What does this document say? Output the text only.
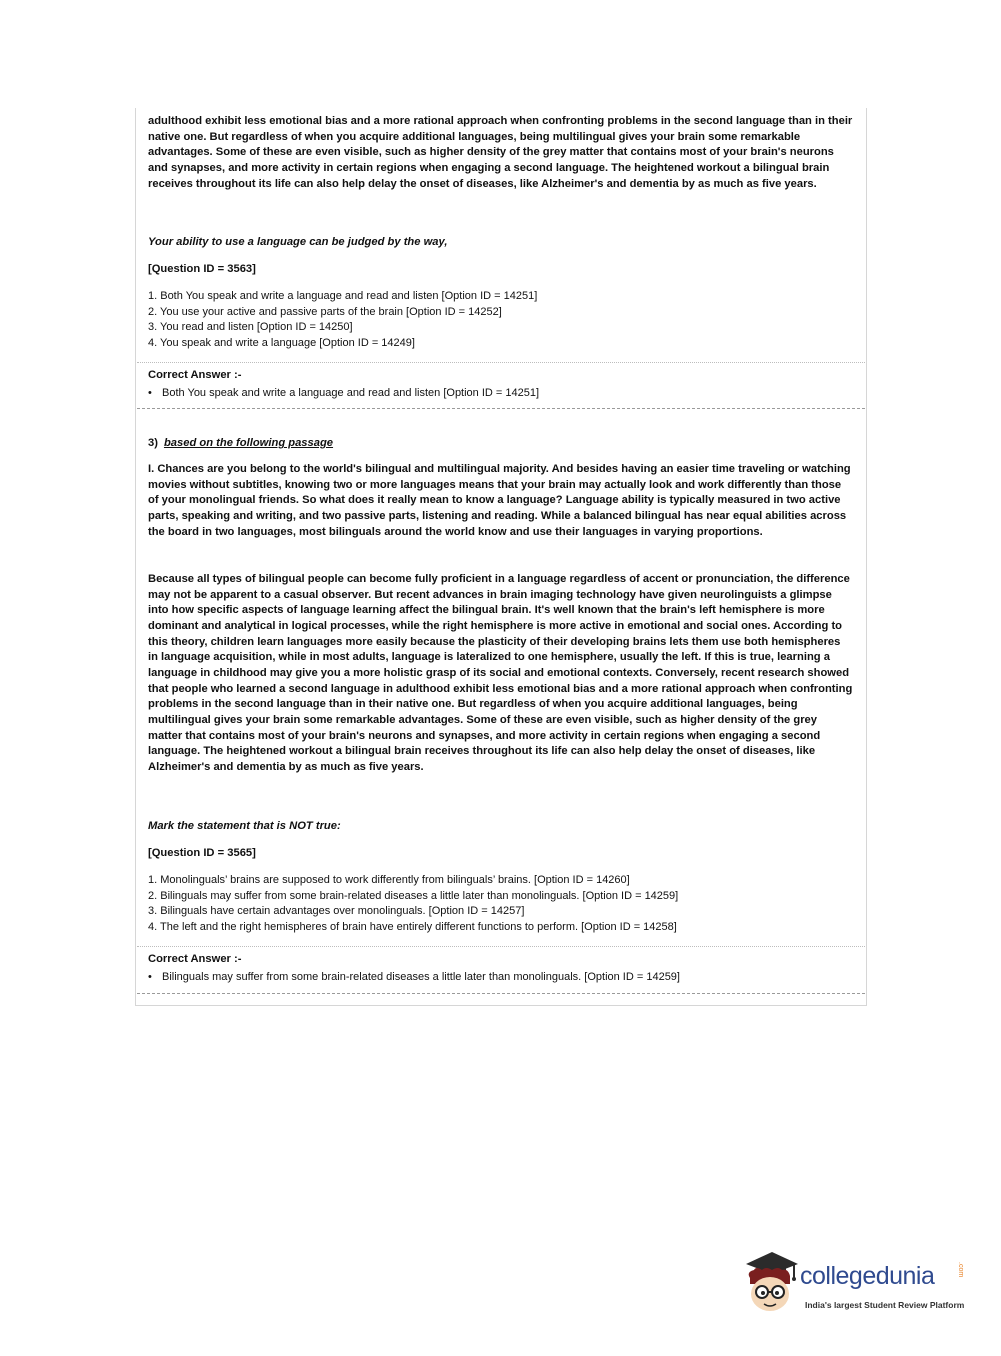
adulthood exhibit less emotional bias and a more rational approach when confronting problems in the second language than in their native one. But regardless of when you acquire additional languages, being multilingual gives your brain some remarkable advantages. Some of these are even visible, such as higher density of the grey matter that contains most of your brain's neurons and synapses, and more activity in certain regions when engaging a second language. The heightened workout a bilingual brain receives throughout its life can also help delay the onset of diseases, like Alzheimer's and dementia by as much as five years.

Your ability to use a language can be judged by the way,

[Question ID = 3563]

1. Both You speak and write a language and read and listen [Option ID = 14251]
2. You use your active and passive parts of the brain [Option ID = 14252]
3. You read and listen [Option ID = 14250]
4. You speak and write a language [Option ID = 14249]

Correct Answer :-

• Both You speak and write a language and read and listen [Option ID = 14251]

3) based on the following passage

I. Chances are you belong to the world's bilingual and multilingual majority. And besides having an easier time traveling or watching movies without subtitles, knowing two or more languages means that your brain may actually look and work differently than those of your monolingual friends. So what does it really mean to know a language? Language ability is typically measured in two active parts, speaking and writing, and two passive parts, listening and reading. While a balanced bilingual has near equal abilities across the board in two languages, most bilinguals around the world know and use their languages in varying proportions.

Because all types of bilingual people can become fully proficient in a language regardless of accent or pronunciation, the difference may not be apparent to a casual observer. But recent advances in brain imaging technology have given neurolinguists a glimpse into how specific aspects of language learning affect the bilingual brain. It's well known that the brain's left hemisphere is more dominant and analytical in logical processes, while the right hemisphere is more active in emotional and social ones. According to this theory, children learn languages more easily because the plasticity of their developing brains lets them use both hemispheres in language acquisition, while in most adults, language is lateralized to one hemisphere, usually the left. If this is true, learning a language in childhood may give you a more holistic grasp of its social and emotional contexts. Conversely, recent research showed that people who learned a second language in adulthood exhibit less emotional bias and a more rational approach when confronting problems in the second language than in their native one. But regardless of when you acquire additional languages, being multilingual gives your brain some remarkable advantages. Some of these are even visible, such as higher density of the grey matter that contains most of your brain's neurons and synapses, and more activity in certain regions when engaging a second language. The heightened workout a bilingual brain receives throughout its life can also help delay the onset of diseases, like Alzheimer's and dementia by as much as five years.

Mark the statement that is NOT true:

[Question ID = 3565]

1. Monolinguals’ brains are supposed to work differently from bilinguals’ brains. [Option ID = 14260]
2. Bilinguals may suffer from some brain-related diseases a little later than monolinguals. [Option ID = 14259]
3. Bilinguals have certain advantages over monolinguals. [Option ID = 14257]
4. The left and the right hemispheres of brain have entirely different functions to perform. [Option ID = 14258]

Correct Answer :-

• Bilinguals may suffer from some brain-related diseases a little later than monolinguals. [Option ID = 14259]

collegedunia	.com
India's largest Student Review Platform
